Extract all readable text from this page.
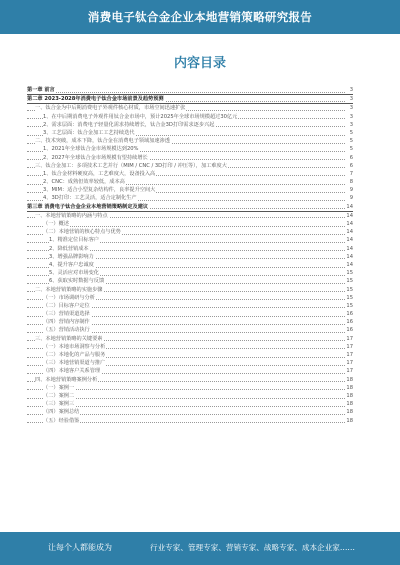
消费电子钛合金企业本地营销策略研究报告
内容目录
第一章 前言	3
第二章 2023-2028年消费电子钛合金市场前景及趋势预测	3
一、钛合金为中后期消费电子外观件核心材质，市场空间迅速扩张	3
1、在中后期消费电子外观件用钛合金市场中，预计2025年全球市场规模超过30亿元	3
2、需求层面：消费电子轻量化需求持续增长，钛合金3D打印需求逐步兴起	3
3、工艺层面：钛合金加工工艺持续迭代	5
二、技术突破，成本下降，钛合金在消费电子领域加速渗透	5
1、2021年全球钛合金市场规模达到20%	5
2、2027年全球钛合金市场规模有望持续增长	6
三、钛合金加工：多项技术工艺并行（MIM / CNC / 3D打印 / 冲压等），加工难度大	6
1、钛合金材料硬度高，工艺难度大，设备投入高	7
2、CNC：成熟但效率较低，成本高	8
3、MIM：适合小型复杂结构件，良率提升空间大	9
4、3D打印：工艺灵活，适合定制化生产	9
第三章 消费电子钛合金企业本地营销策略制定及建议	14
一、本地营销策略的内涵与特点	14
（一）概述	14
（二）本地营销的核心特点与优势	14
1、精准定位目标客户	14
2、降低营销成本	14
3、增强品牌影响力	14
4、提升客户忠诚度	14
5、灵活应对市场变化	15
6、获取实时数据与反馈	15
二、本地营销策略的实施步骤	15
（一）市场调研与分析	15
（二）目标客户定位	15
（三）营销渠道选择	16
（四）营销内容制作	16
（五）营销活动执行	16
三、本地营销策略的关键要素	17
（一）本地市场洞察与分析	17
（二）本地化的产品与服务	17
（三）本地营销渠道与推广	17
（四）本地客户关系管理	17
四、本地营销策略案例分析	18
（一）案例一	18
（二）案例二	18
（三）案例三	18
（四）案例总结	18
（五）经验借鉴	18
让每个人都能成为	行业专家、管理专家、营销专家、战略专家、成本企业家……
